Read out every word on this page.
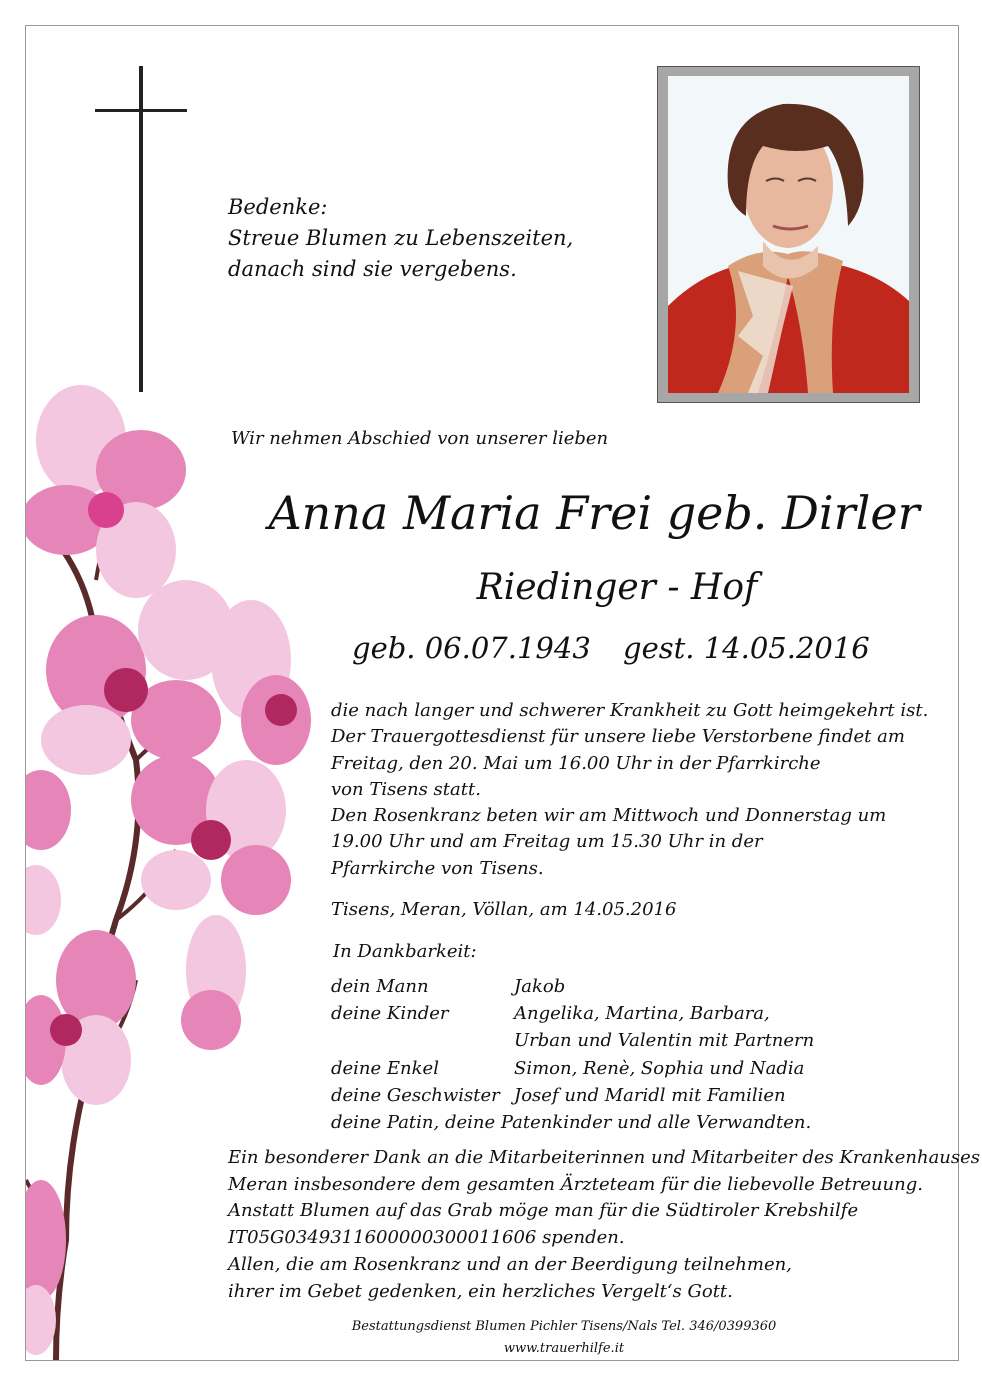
Bedenke:
Streue Blumen zu Lebenszeiten,
danach sind sie vergebens.
Wir nehmen Abschied von unserer lieben
Anna Maria Frei geb. Dirler
Riedinger - Hof
geb. 06.07.1943 gest. 14.05.2016
die nach langer und schwerer Krankheit zu Gott heimgekehrt ist.
Der Trauergottesdienst für unsere liebe Verstorbene findet am
Freitag, den 20. Mai um 16.00 Uhr in der Pfarrkirche
von Tisens statt.
Den Rosenkranz beten wir am Mittwoch und Donnerstag um
19.00 Uhr und am Freitag um 15.30 Uhr in der
Pfarrkirche von Tisens.
Tisens, Meran, Völlan, am 14.05.2016
In Dankbarkeit:
dein Mann	Jakob
deine Kinder	Angelika, Martina, Barbara,
Urban und Valentin mit Partnern
deine Enkel	Simon, Renè, Sophia und Nadia
deine Geschwister Josef und Maridl mit Familien
deine Patin, deine Patenkinder und alle Verwandten.
Ein besonderer Dank an die Mitarbeiterinnen und Mitarbeiter des Krankenhauses
Meran insbesondere dem gesamten Ärzteteam für die liebevolle Betreuung.
Anstatt Blumen auf das Grab möge man für die Südtiroler Krebshilfe
IT05G0349311600000300011606 spenden.
Allen, die am Rosenkranz und an der Beerdigung teilnehmen,
ihrer im Gebet gedenken, ein herzliches Vergelt‘s Gott.
Bestattungsdienst Blumen Pichler Tisens/Nals Tel. 346/0399360
www.trauerhilfe.it
